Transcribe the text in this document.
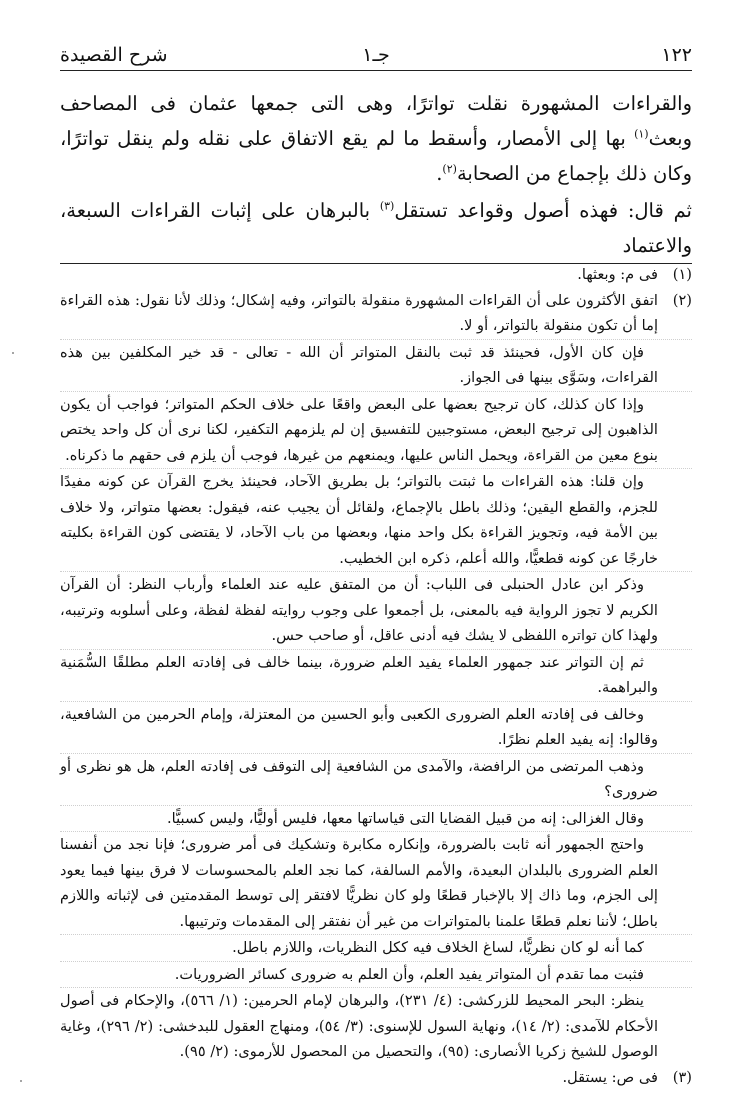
١٢٢
جـ١
شرح القصيدة

والقراءات المشهورة نقلت تواترًا، وهى التى جمعها عثمان فى المصاحف وبعث$^{(١)}$ بها إلى الأمصار، وأسقط ما لم يقع الاتفاق على نقله ولم ينقل تواترًا، وكان ذلك بإجماع من الصحابة$^{(٢)}$.

ثم قال: فهذه أصول وقواعد تستقل$^{(٣)}$ بالبرهان على إثبات القراءات السبعة، والاعتماد

(١)فى م: وبعثها.

(٢)اتفق الأكثرون على أن القراءات المشهورة منقولة بالتواتر، وفيه إشكال؛ وذلك لأنا نقول: هذه القراءة إما أن تكون منقولة بالتواتر، أو لا.

فإن كان الأول، فحينئذ قد ثبت بالنقل المتواتر أن الله - تعالى - قد خير المكلفين بين هذه القراءات، وسَوَّى بينها فى الجواز.

وإذا كان كذلك، كان ترجيح بعضها على البعض واقعًا على خلاف الحكم المتواتر؛ فواجب أن يكون الذاهبون إلى ترجيح البعض، مستوجبين للتفسيق إن لم يلزمهم التكفير، لكنا نرى أن كل واحد يختص بنوع معين من القراءة، ويحمل الناس عليها، ويمنعهم من غيرها، فوجب أن يلزم فى حقهم ما ذكرناه.

وإن قلنا: هذه القراءات ما ثبتت بالتواتر؛ بل بطريق الآحاد، فحينئذ يخرج القرآن عن كونه مفيدًا للجزم، والقطع اليقين؛ وذلك باطل بالإجماع، ولقائل أن يجيب عنه، فيقول: بعضها متواتر، ولا خلاف بين الأمة فيه، وتجويز القراءة بكل واحد منها، وبعضها من باب الآحاد، لا يقتضى كون القراءة بكليته خارجًا عن كونه قطعيًّا، والله أعلم، ذكره ابن الخطيب.

وذكر ابن عادل الحنبلى فى اللباب: أن من المتفق عليه عند العلماء وأرباب النظر: أن القرآن الكريم لا تجوز الرواية فيه بالمعنى، بل أجمعوا على وجوب روايته لفظة لفظة، وعلى أسلوبه وترتيبه، ولهذا كان تواتره اللفظى لا يشك فيه أدنى عاقل، أو صاحب حس.

ثم إن التواتر عند جمهور العلماء يفيد العلم ضرورة، بينما خالف فى إفادته العلم مطلقًا السُّمَنية والبراهمة.

وخالف فى إفادته العلم الضرورى الكعبى وأبو الحسين من المعتزلة، وإمام الحرمين من الشافعية، وقالوا: إنه يفيد العلم نظرًا.

وذهب المرتضى من الرافضة، والآمدى من الشافعية إلى التوقف فى إفادته العلم، هل هو نظرى أو ضرورى؟

وقال الغزالى: إنه من قبيل القضايا التى قياساتها معها، فليس أوليًّا، وليس كسبيًّا.

واحتج الجمهور أنه ثابت بالضرورة، وإنكاره مكابرة وتشكيك فى أمر ضرورى؛ فإنا نجد من أنفسنا العلم الضرورى بالبلدان البعيدة، والأمم السالفة، كما نجد العلم بالمحسوسات لا فرق بينها فيما يعود إلى الجزم، وما ذاك إلا بالإخبار قطعًا ولو كان نظريًّا لافتقر إلى توسط المقدمتين فى لإثباته واللازم باطل؛ لأننا نعلم قطعًا علمنا بالمتواترات من غير أن نفتقر إلى المقدمات وترتيبها.

كما أنه لو كان نظريًّا، لساغ الخلاف فيه ككل النظريات، واللازم باطل.

فثبت مما تقدم أن المتواتر يفيد العلم، وأن العلم به ضرورى كسائر الضروريات.

ينظر: البحر المحيط للزركشى: (٤/ ٢٣١)، والبرهان لإمام الحرمين: (١/ ٥٦٦)، والإحكام فى أصول الأحكام للآمدى: (٢/ ١٤)، ونهاية السول للإسنوى: (٣/ ٥٤)، ومنهاج العقول للبدخشى: (٢/ ٢٩٦)، وغاية الوصول للشيخ زكريا الأنصارى: (٩٥)، والتحصيل من المحصول للأرموى: (٢/ ٩٥).

(٣)فى ص: يستقل.
